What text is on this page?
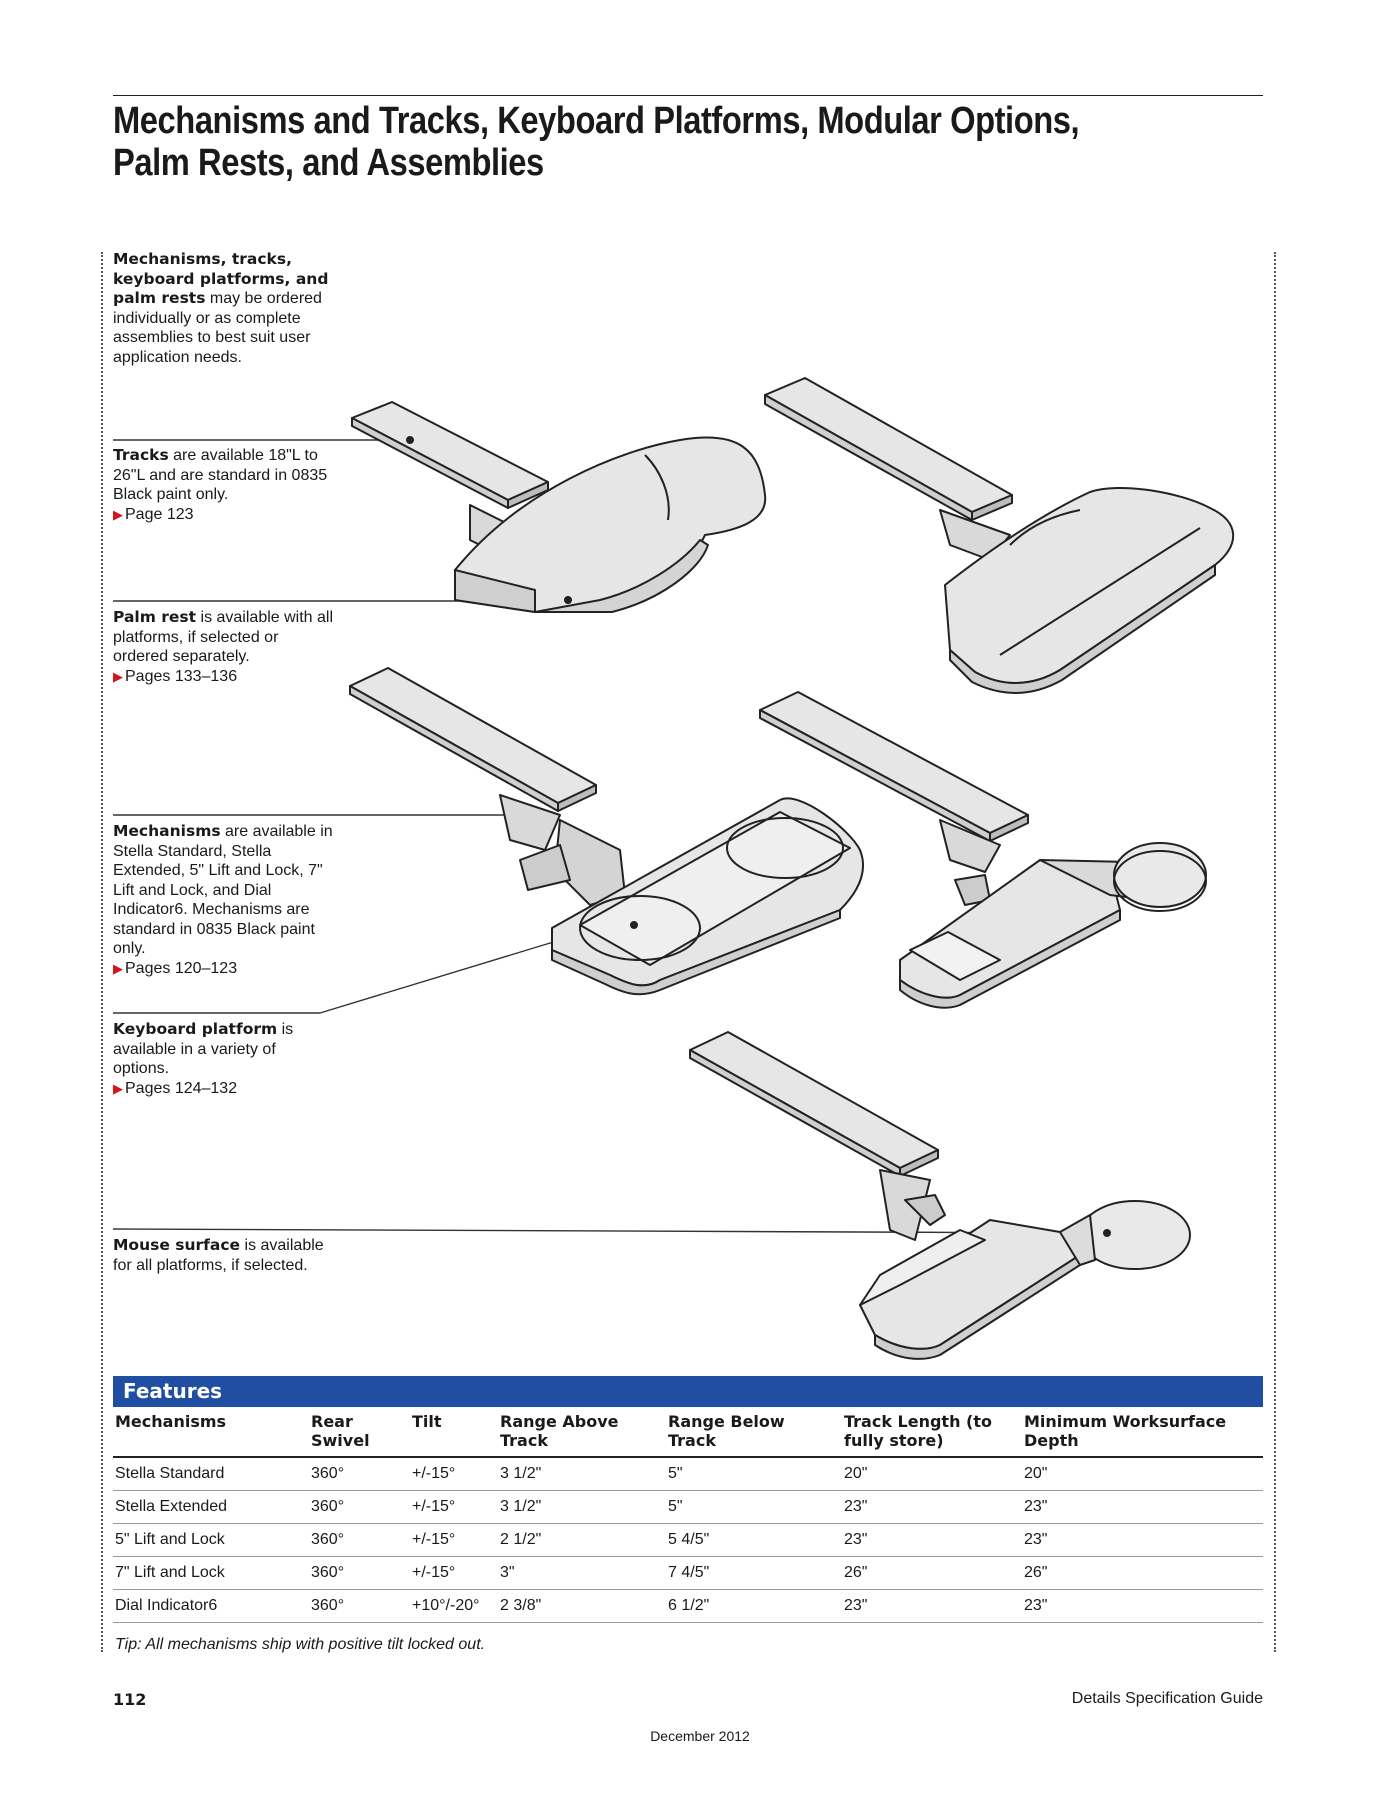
Mechanisms and Tracks, Keyboard Platforms, Modular Options,
Palm Rests, and Assemblies
Mechanisms, tracks, keyboard platforms, and palm rests may be ordered individually or as complete assemblies to best suit user application needs.
Tracks are available 18"L to 26"L and are standard in 0835 Black paint only.
▶ Page 123
Palm rest is available with all platforms, if selected or ordered separately.
▶ Pages 133–136
Mechanisms are available in Stella Standard, Stella Extended, 5" Lift and Lock, 7" Lift and Lock, and Dial Indicator6. Mechanisms are standard in 0835 Black paint only.
▶ Pages 120–123
Keyboard platform is available in a variety of options.
▶ Pages 124–132
Mouse surface is available for all platforms, if selected.
Features
Mechanisms	Rear Swivel	Tilt	Range Above Track	Range Below Track	Track Length (to fully store)	Minimum Worksurface Depth
Stella Standard	360°	+/-15°	3 1/2"	5"	20"	20"
Stella Extended	360°	+/-15°	3 1/2"	5"	23"	23"
5" Lift and Lock	360°	+/-15°	2 1/2"	5 4/5"	23"	23"
7" Lift and Lock	360°	+/-15°	3"	7 4/5"	26"	26"
Dial Indicator6	360°	+10°/-20°	2 3/8"	6 1/2"	23"	23"
Tip: All mechanisms ship with positive tilt locked out.
112	Details Specification Guide
December 2012
